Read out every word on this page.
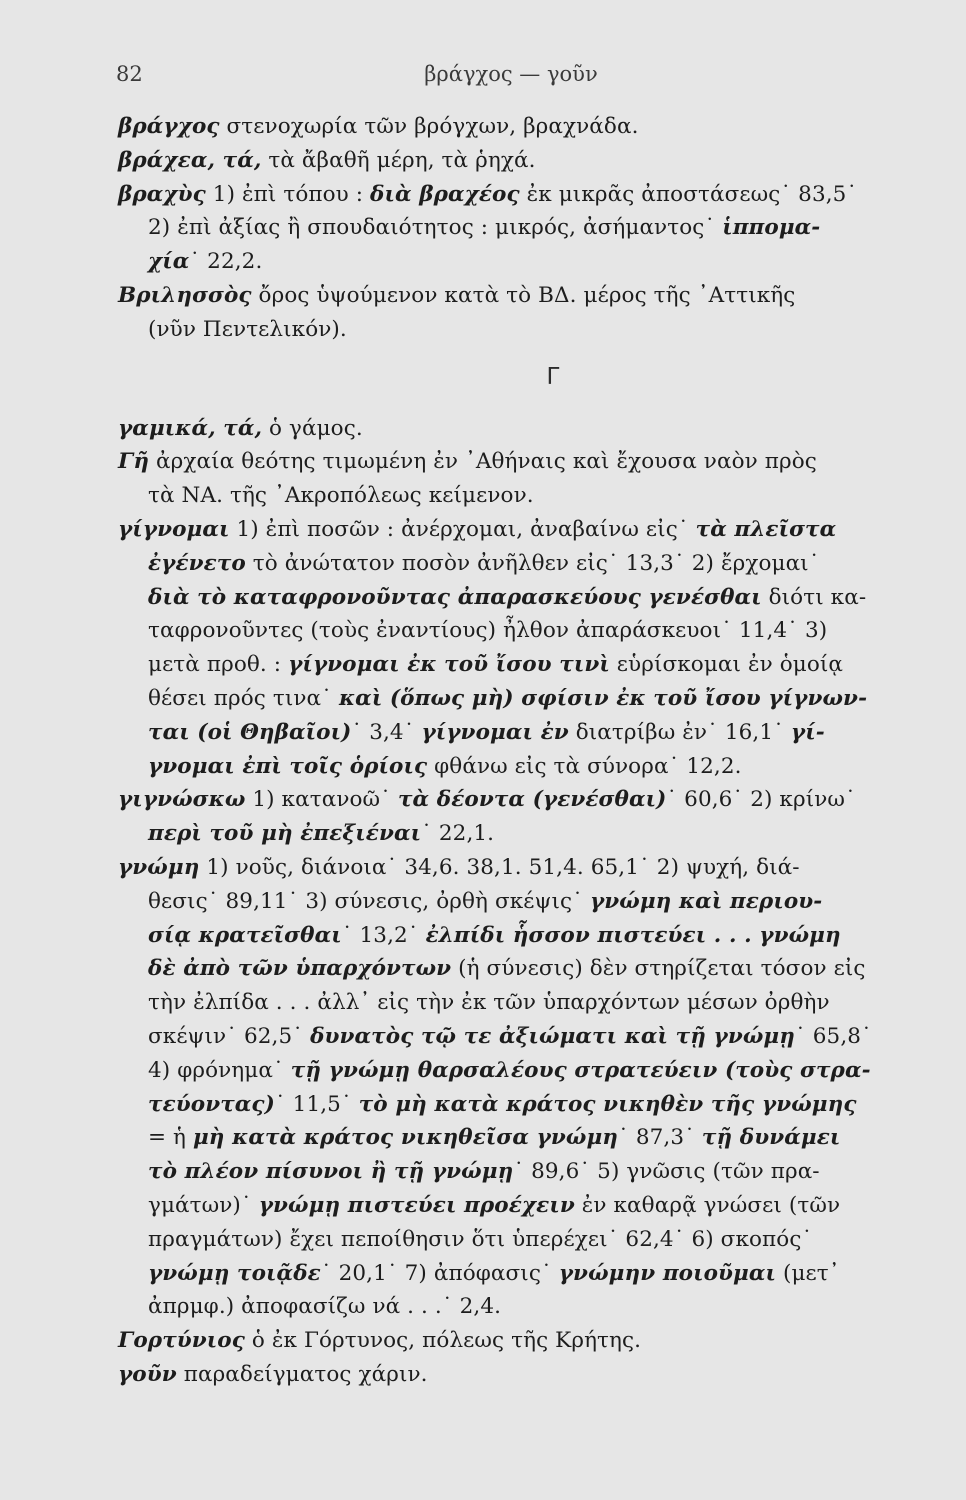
82	βράγχος — γοῦν
βράγχος στενοχωρία τῶν βρόγχων, βραχνάδα.
βράχεα, τά, τὰ ἄβαθῆ μέρη, τὰ ῥηχά.
βραχὺς 1) ἐπὶ τόπου : διὰ βραχέος ἐκ μικρᾶς ἀποστάσεως˙ 83,5˙
2) ἐπὶ ἀξίας ἢ σπουδαιότητος : μικρός, ἀσήμαντος˙ ἱππομα-
χία˙ 22,2.
Βριλησσὸς ὄρος ὑψούμενον κατὰ τὸ ΒΔ. μέρος τῆς ᾿Αττικῆς
(νῦν Πεντελικόν).
Γ
γαμικά, τά, ὁ γάμος.
Γῆ ἀρχαία θεότης τιμωμένη ἐν ᾿Αθήναις καὶ ἔχουσα ναὸν πρὸς
τὰ ΝΑ. τῆς ᾿Ακροπόλεως κείμενον.
γίγνομαι 1) ἐπὶ ποσῶν : ἀνέρχομαι, ἀναβαίνω εἰς˙ τὰ πλεῖστα
ἐγένετο τὸ ἀνώτατον ποσὸν ἀνῆλθεν εἰς˙ 13,3˙ 2) ἔρχομαι˙
διὰ τὸ καταφρονοῦντας ἀπαρασκεύους γενέσθαι διότι κα-
ταφρονοῦντες (τοὺς ἐναντίους) ἦλθον ἀπαράσκευοι˙ 11,4˙ 3)
μετὰ προθ. : γίγνομαι ἐκ τοῦ ἴσου τινὶ εὑρίσκομαι ἐν ὁμοίᾳ
θέσει πρός τινα˙ καὶ (ὅπως μὴ) σφίσιν ἐκ τοῦ ἴσου γίγνων-
ται (οἱ Θηβαῖοι)˙ 3,4˙ γίγνομαι ἐν διατρίβω ἐν˙ 16,1˙ γί-
γνομαι ἐπὶ τοῖς ὁρίοις φθάνω εἰς τὰ σύνορα˙ 12,2.
γιγνώσκω 1) κατανοῶ˙ τὰ δέοντα (γενέσθαι)˙ 60,6˙ 2) κρίνω˙
περὶ τοῦ μὴ ἐπεξιέναι˙ 22,1.
γνώμη 1) νοῦς, διάνοια˙ 34,6. 38,1. 51,4. 65,1˙ 2) ψυχή, διά-
θεσις˙ 89,11˙ 3) σύνεσις, ὀρθὴ σκέψις˙ γνώμη καὶ περιου-
σίᾳ κρατεῖσθαι˙ 13,2˙ ἐλπίδι ἧσσον πιστεύει . . . γνώμη
δὲ ἀπὸ τῶν ὑπαρχόντων (ἡ σύνεσις) δὲν στηρίζεται τόσον εἰς
τὴν ἐλπίδα . . . ἀλλ᾿ εἰς τὴν ἐκ τῶν ὑπαρχόντων μέσων ὀρθὴν
σκέψιν˙ 62,5˙ δυνατὸς τῷ τε ἀξιώματι καὶ τῇ γνώμῃ˙ 65,8˙
4) φρόνημα˙ τῇ γνώμῃ θαρσαλέους στρατεύειν (τοὺς στρα-
τεύοντας)˙ 11,5˙ τὸ μὴ κατὰ κράτος νικηθὲν τῆς γνώμης
= ἡ μὴ κατὰ κράτος νικηθεῖσα γνώμη˙ 87,3˙ τῇ δυνάμει
τὸ πλέον πίσυνοι ἢ τῇ γνώμῃ˙ 89,6˙ 5) γνῶσις (τῶν πρα-
γμάτων)˙ γνώμῃ πιστεύει προέχειν ἐν καθαρᾷ γνώσει (τῶν
πραγμάτων) ἔχει πεποίθησιν ὅτι ὑπερέχει˙ 62,4˙ 6) σκοπός˙
γνώμῃ τοιᾷδε˙ 20,1˙ 7) ἀπόφασις˙ γνώμην ποιοῦμαι (μετ᾿
ἀπρμφ.) ἀποφασίζω νά . . .˙ 2,4.
Γορτύνιος ὁ ἐκ Γόρτυνος, πόλεως τῆς Κρήτης.
γοῦν παραδείγματος χάριν.
